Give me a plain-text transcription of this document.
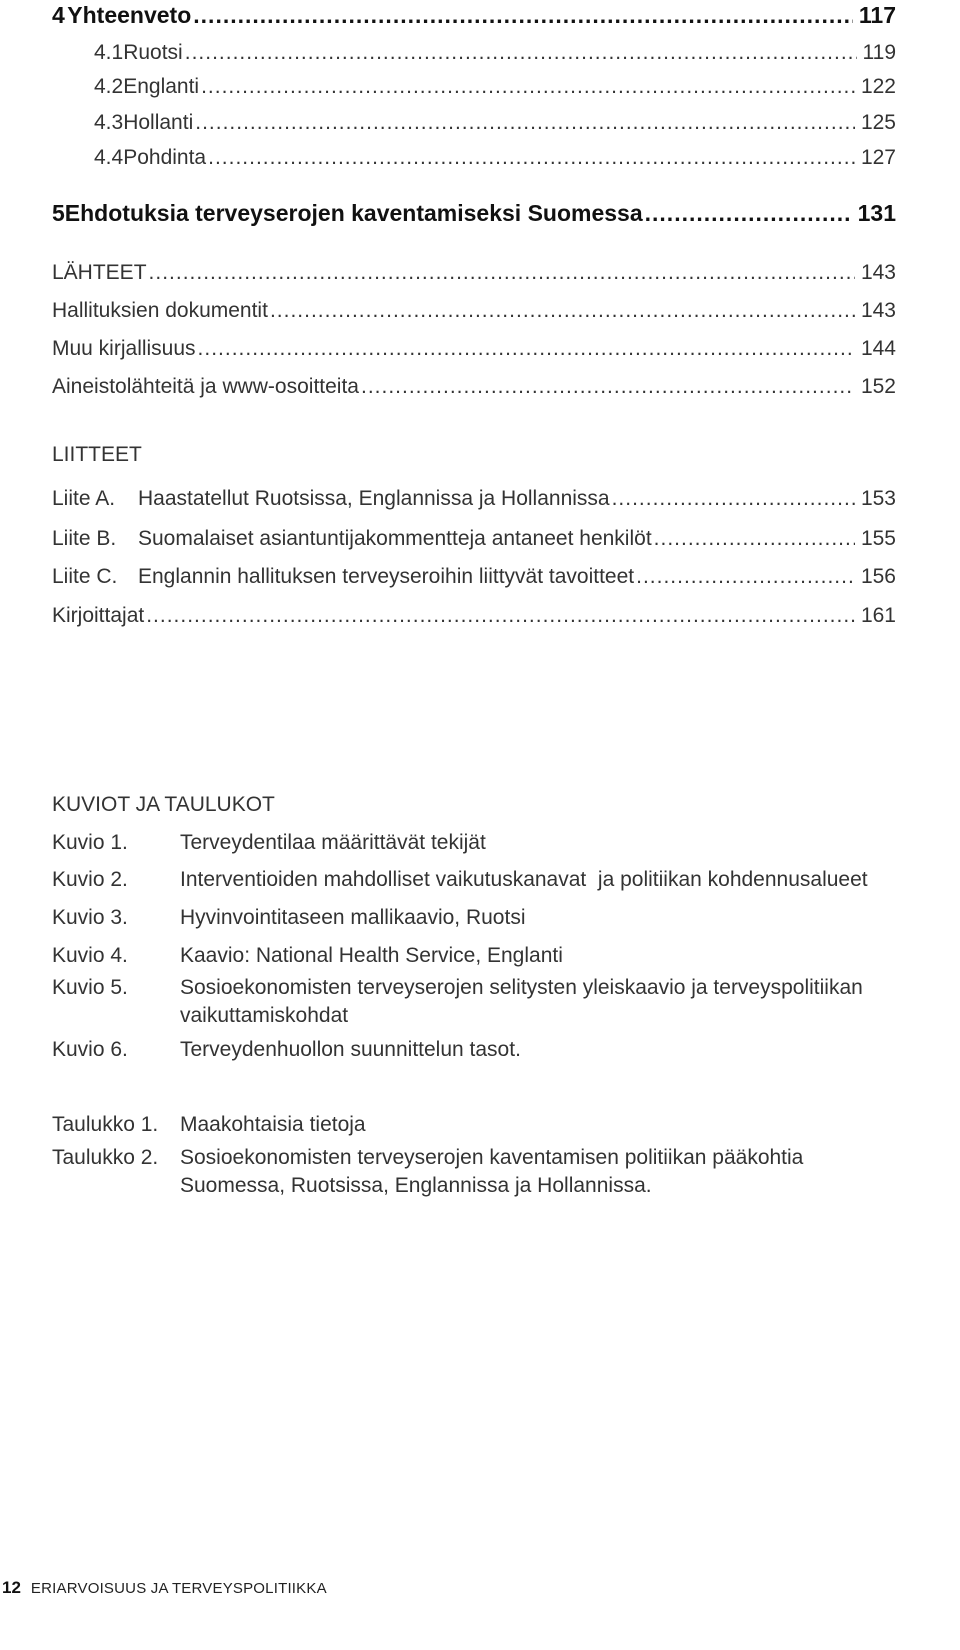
4 Yhteenveto .....	117
4.1 Ruotsi .....	119
4.2 Englanti .....	122
4.3 Hollanti .....	125
4.4 Pohdinta .....	127
5 Ehdotuksia terveyserojen kaventamiseksi Suomessa .....	131
LÄHTEET .....	143
Hallituksien dokumentit .....	143
Muu kirjallisuus .....	144
Aineistolähteitä ja www-osoitteita .....	152
LIITTEET
Liite A. Haastatellut Ruotsissa, Englannissa ja Hollannissa .....	153
Liite B. Suomalaiset asiantuntijakommentteja antaneet henkilöt .....	155
Liite C. Englannin hallituksen terveyseroihin liittyvät tavoitteet .....	156
Kirjoittajat .....	161
KUVIOT JA TAULUKOT
Kuvio 1. Terveydentilaa määrittävät tekijät
Kuvio 2. Interventioiden mahdolliset vaikutuskanavat  ja politiikan kohdennusalueet
Kuvio 3. Hyvinvointitaseen mallikaavio, Ruotsi
Kuvio 4. Kaavio: National Health Service, Englanti
Kuvio 5. Sosioekonomisten terveyserojen selitysten yleiskaavio ja terveyspolitiikan
vaikuttamiskohdat
Kuvio 6. Terveydenhuollon suunnittelun tasot.
Taulukko 1. Maakohtaisia tietoja
Taulukko 2. Sosioekonomisten terveyserojen kaventamisen politiikan pääkohtia
Suomessa, Ruotsissa, Englannissa ja Hollannissa.
12 ERIARVOISUUS JA TERVEYSPOLITIIKKA
